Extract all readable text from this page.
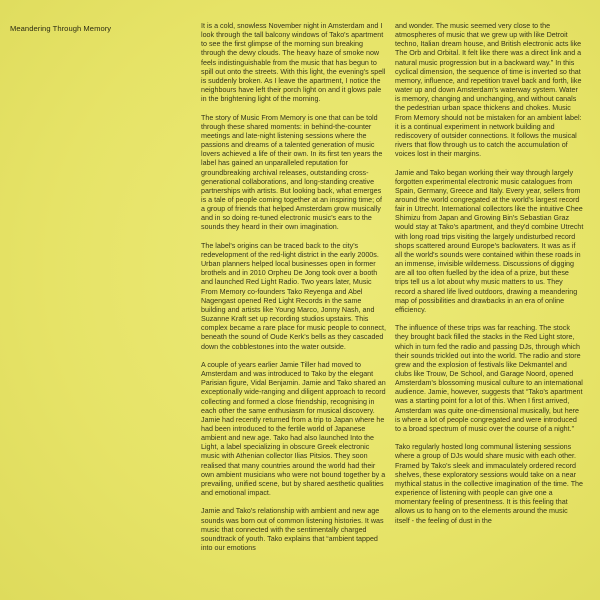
Meandering Through Memory	It is a cold, snowless November night in Amsterdam and I look through the tall balcony windows of Tako's apartment to see the first glimpse of the morning sun breaking through the dewy clouds. The heavy haze of smoke now feels indistinguishable from the music that has begun to spill out onto the streets. With this light, the evening's spell is suddenly broken. As I leave the apartment, I notice the neighbours have left their porch light on and it glows pale in the brightening light of the morning.

The story of Music From Memory is one that can be told through these shared moments: in behind-the-counter meetings and late-night listening sessions where the passions and dreams of a talented generation of music lovers achieved a life of their own. In its first ten years the label has gained an unparalleled reputation for groundbreaking archival releases, outstanding cross-generational collaborations, and long-standing creative partnerships with artists. But looking back, what emerges is a tale of people coming together at an inspiring time; of a group of friends that helped Amsterdam grow musically and in so doing re-tuned electronic music's ears to the sounds they heard in their own imagination.

The label's origins can be traced back to the city's redevelopment of the red-light district in the early 2000s. Urban planners helped local businesses open in former brothels and in 2010 Orpheu De Jong took over a booth and launched Red Light Radio. Two years later, Music From Memory co-founders Tako Reyenga and Abel Nagengast opened Red Light Records in the same building and artists like Young Marco, Jonny Nash, and Suzanne Kraft set up recording studios upstairs. This complex became a rare place for music people to connect, beneath the sound of Oude Kerk's bells as they cascaded down the cobblestones into the water outside.

A couple of years earlier Jamie Tiller had moved to Amsterdam and was introduced to Tako by the elegant Parisian figure, Vidal Benjamin. Jamie and Tako shared an exceptionally wide-ranging and diligent approach to record collecting and formed a close friendship, recognising in each other the same enthusiasm for musical discovery. Jamie had recently returned from a trip to Japan where he had been introduced to the fertile world of Japanese ambient and new age. Tako had also launched Into the Light, a label specializing in obscure Greek electronic music with Athenian collector Ilias Pitsios. They soon realised that many countries around the world had their own ambient musicians who were not bound together by a prevailing, unified scene, but by shared aesthetic qualities and emotional impact.

Jamie and Tako's relationship with ambient and new age sounds was born out of common listening histories. It was music that connected with the sentimentally charged soundtrack of youth. Tako explains that “ambient tapped into our emotions

and wonder. The music seemed very close to the atmospheres of music that we grew up with like Detroit techno, Italian dream house, and British electronic acts like The Orb and Orbital. It felt like there was a direct link and a natural music progression but in a backward way.” In this cyclical dimension, the sequence of time is inverted so that memory, influence, and repetition travel back and forth, like water up and down Amsterdam's waterway system. Water is memory, changing and unchanging, and without canals the pedestrian urban space thickens and chokes. Music From Memory should not be mistaken for an ambient label: it is a continual experiment in network building and rediscovery of outsider connections. It follows the musical rivers that flow through us to catch the accumulation of voices lost in their margins.

Jamie and Tako began working their way through largely forgotten experimental electronic music catalogues from Spain, Germany, Greece and Italy. Every year, sellers from around the world congregated at the world's largest record fair in Utrecht. International collectors like the intuitive Chee Shimizu from Japan and Growing Bin's Sebastian Graz would stay at Tako's apartment, and they'd combine Utrecht with long road trips visiting the largely undisturbed record shops scattered around Europe's backwaters. It was as if all the world's sounds were contained within these roads in an immense, invisible wilderness. Discussions of digging are all too often fuelled by the idea of a prize, but these trips tell us a lot about why music matters to us. They record a shared life lived outdoors, drawing a meandering map of possibilities and drawbacks in an era of online efficiency.

The influence of these trips was far reaching. The stock they brought back filled the stacks in the Red Light store, which in turn fed the radio and passing DJs, through which their sounds trickled out into the world. The radio and store grew and the explosion of festivals like Dekmantel and clubs like Trouw, De School, and Garage Noord, opened Amsterdam's blossoming musical culture to an international audience. Jamie, however, suggests that “Tako's apartment was a starting point for a lot of this. When I first arrived, Amsterdam was quite one-dimensional musically, but here is where a lot of people congregated and were introduced to a broad spectrum of music over the course of a night.”

Tako regularly hosted long communal listening sessions where a group of DJs would share music with each other. Framed by Tako's sleek and immaculately ordered record shelves, these exploratory sessions would take on a near mythical status in the collective imagination of the time. The experience of listening with people can give one a momentary feeling of presentness. It is this feeling that allows us to hang on to the elements around the music itself - the feeling of dust in the
